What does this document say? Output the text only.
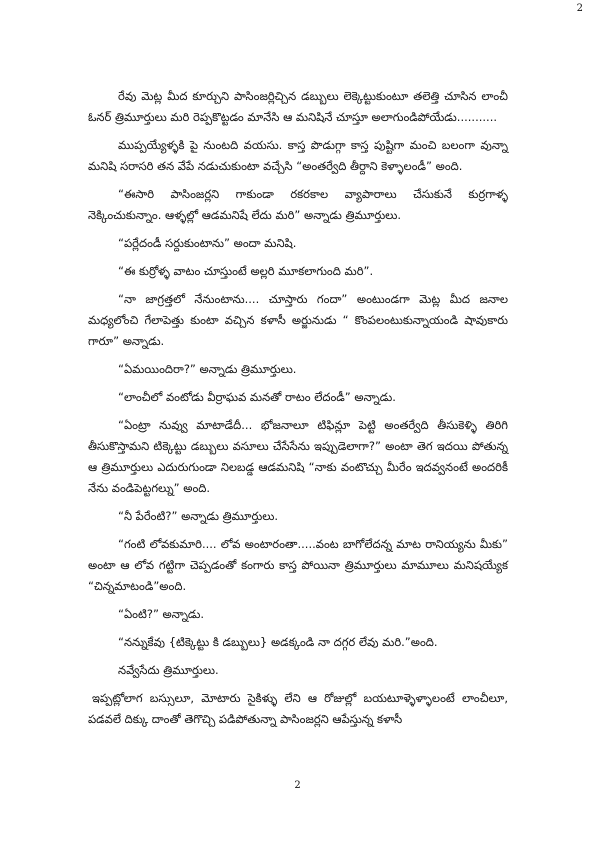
2

రేవు మెట్ల మీద కూర్చుని పాసింజర్లిచ్చిన డబ్బులు లెక్కెట్టుకుంటూ తలెత్తి చూసిన లాంచీ ఓనర్ త్రిమూర్తులు మరి రెప్పకొట్టడం మానేసి ఆ మనిషినే చూస్తూ అలాగుండిపోయేడు...........

ముప్పయ్యేళ్ళకి పై నుంటది వయసు. కాస్త పొడుగ్గా కాస్త పుష్టిగా మంచి బలంగా వున్నా మనిషి సరాసరి తన వేపే నడుచుకుంటా వచ్చేసి “అంతర్వేది తీర్దాని కెళ్ళాలండీ” అంది.

“ఈసారి పాసింజర్లని గాకుండా రకరకాల వ్యాపారాలు చేసుకునే కుర్రగాళ్ళ నెక్కించుకున్నాం. ఆళ్ళల్లో ఆడమనిషే లేదు మరి” అన్నాడు త్రిమూర్తులు.

“పర్లేదండీ సర్దుకుంటాను” అందా మనిషి.

“ఈ కుర్రోళ్ళ వాటం చూస్తుంటే అల్లరి మూకలాగుంది మరి”.

“నా జాగ్రత్తలో నేనుంటాను.... చూస్తారు గందా” అంటుండగా మెట్ల మీద జనాల మధ్యలోంచి గేలాపెత్తు కుంటా వచ్చిన కళాసీ అర్జునుడు “ కొంపలంటుకున్నాయండి షావుకారు గారూ” అన్నాడు.

“ఏమయిందిరా?” అన్నాడు త్రిమూర్తులు.

“లాంచీలో వంటోడు వీర్రాఘవ మనతో రాటం లేదండీ” అన్నాడు.

“ఏంట్రా నువ్వు మాటాడేదీ... భోజనాలూ టిఫిన్లూ పెట్టి అంతర్వేది తీసుకెళ్ళి తిరిగి తీసుకొస్తామని టిక్కెట్టు డబ్బులు వసూలు చేసేసేను ఇప్పుడెలాగా?” అంటా తెగ ఇదయి పోతున్న ఆ త్రిమూర్తులు ఎదురుగుండా నిలబడ్డ ఆడమనిషి “నాకు వంటొచ్చు మీరేం ఇదవ్వనంటే అందరికీ నేను వండిపెట్టగల్ను” అంది.

“నీ పేరేంటి?” అన్నాడు త్రిమూర్తులు.

“గంటి లోవకుమారి.... లోవ అంటారంతా.....వంట బాగోలేదన్న మాట రానియ్యను మీకు” అంటా ఆ లోవ గట్టిగా చెప్పడంతో కంగారు కాస్త పోయినా త్రిమూర్తులు మామూలు మనిషయ్యేక “చిన్నమాటండి”అంది.

“ఏంటి?” అన్నాడు.

“నన్నుకేవు {టిక్కెట్టు కి డబ్బులు} అడక్కండి నా దగ్గర లేవు మరి.”అంది.

నవ్వేసేదు త్రిమూర్తులు.

ఇప్పట్లోలాగ బస్సులూ, మోటారు సైకిళ్ళు లేని ఆ రోజుల్లో బయటూళ్ళెళ్ళాలంటే లాంచీలూ, పడవలే దిక్కు దాంతో తెగొచ్చి పడిపోతున్నా పాసింజర్లని ఆపేస్తున్న కళాసీ

2
